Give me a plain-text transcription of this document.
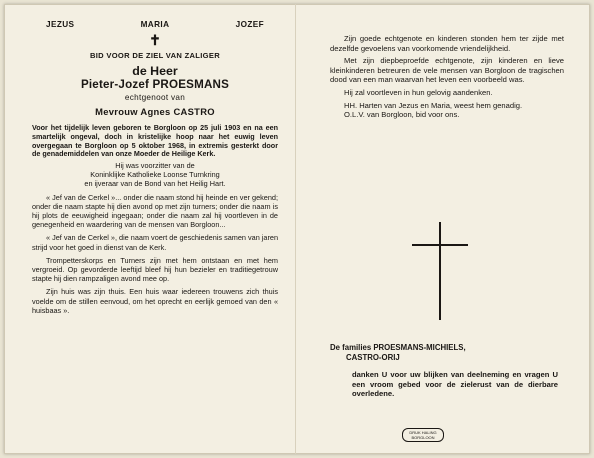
JEZUS	MARIA	JOZEF
✝
BID VOOR DE ZIEL VAN ZALIGER
de Heer
Pieter-Jozef PROESMANS
echtgenoot van
Mevrouw Agnes CASTRO

Voor het tijdelijk leven geboren te Borgloon op 25 juli 1903 en na een smartelijk ongeval, doch in kristelijke hoop naar het euwig leven overgegaan te Borgloon op 5 oktober 1968, in extremis gesterkt door de genademiddelen van onze Moeder de Heilige Kerk.

Hij was voorzitter van de
Koninklijke Katholieke Loonse Turnkring
en ijveraar van de Bond van het Heilig Hart.

« Jef van de Cerkel »... onder die naam stond hij heinde en ver gekend; onder die naam stapte hij dien avond op met zijn turners; onder die naam is hij plots de eeuwigheid ingegaan; onder die naam zal hij voortleven in de genegenheid en waardering van de mensen van Borgloon...

« Jef van de Cerkel », die naam voert de geschiedenis samen van jaren strijd voor het goed in dienst van de Kerk.

Trompetterskorps en Turners zijn met hem ontstaan en met hem vergroeid. Op gevorderde leeftijd bleef hij hun bezieler en traditiegetrouw stapte hij dien rampzaligen avond mee op.

Zijn huis was zijn thuis. Een huis waar iedereen trouwens zich thuis voelde om de stillen eenvoud, om het oprecht en eerlijk gemoed van den « huisbaas ».

Zijn goede echtgenote en kinderen stonden hem ter zijde met dezelfde gevoelens van voorkomende vriendelijkheid.

Met zijn diepbeproefde echtgenote, zijn kinderen en lieve kleinkinderen betreuren de vele mensen van Borgloon de tragischen dood van een man waarvan het leven een voorbeeld was.

Hij zal voortleven in hun gelovig aandenken.

HH. Harten van Jezus en Maria, weest hem genadig.

O.L.V. van Borgloon, bid voor ons.

De families PROESMANS-MICHIELS,
CASTRO-ORIJ

danken U voor uw blijken van deelneming en vragen U een vroom gebed voor de zielerust van de dierbare overledene.

DRUK HALING
BORGLOON
